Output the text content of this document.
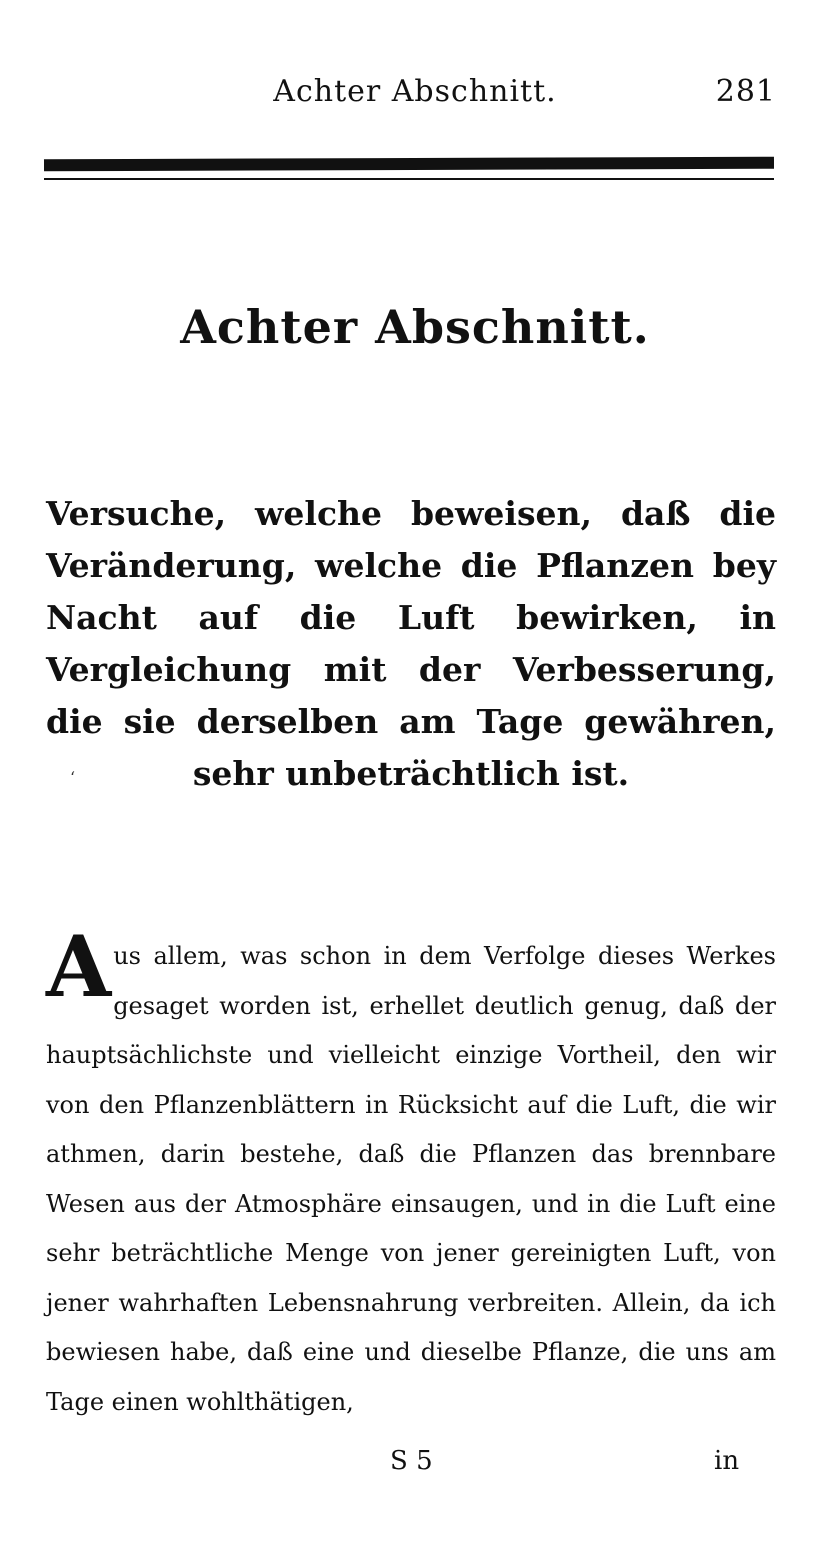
Achter Abschnitt.	281
Achter Abschnitt.
Versuche, welche beweisen, daß die Veränderung, welche die Pflanzen bey Nacht auf die Luft bewirken, in Vergleichung mit der Verbesserung, die sie derselben am Tage gewähren, sehr unbeträchtlich ist.
‘
Aus allem, was schon in dem Verfolge dieses Werkes gesaget worden ist, erhellet deutlich genug, daß der hauptsächlichste und vielleicht einzige Vortheil, den wir von den Pflanzenblättern in Rücksicht auf die Luft, die wir athmen, darin bestehe, daß die Pflanzen das brennbare Wesen aus der Atmosphäre einsaugen, und in die Luft eine sehr beträchtliche Menge von jener gereinigten Luft, von jener wahrhaften Lebensnahrung verbreiten. Allein, da ich bewiesen habe, daß eine und dieselbe Pflanze, die uns am Tage einen wohlthätigen,
S 5	in
